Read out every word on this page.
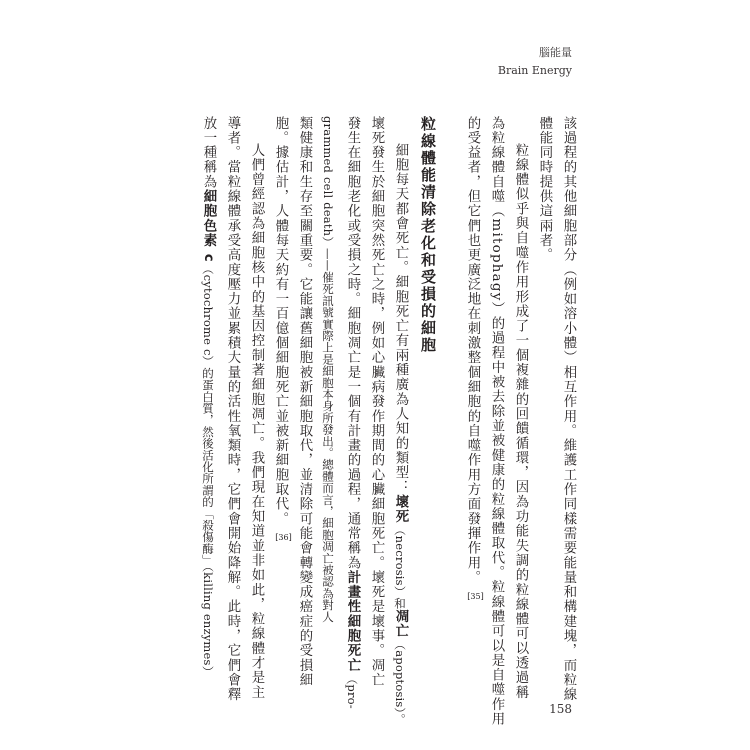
腦能量
Brain Energy
該過程的其他細胞部分（例如溶小體）相互作用。維護工作同樣需要能量和構建塊，而粒線
體能同時提供這兩者。
粒線體似乎與自噬作用形成了一個複雜的回饋循環，因為功能失調的粒線體可以透過稱
為粒線體自噬（mitophagy）的過程中被去除並被健康的粒線體取代。粒線體可以是自噬作用
的受益者，但它們也更廣泛地在刺激整個細胞的自噬作用方面發揮作用。[35]
粒線體能清除老化和受損的細胞
細胞每天都會死亡。細胞死亡有兩種廣為人知的類型：壞死（necrosis）和凋亡（apoptosis）。
壞死發生於細胞突然死亡之時，例如心臟病發作期間的心臟細胞死亡。壞死是壞事。凋亡
發生在細胞老化或受損之時。細胞凋亡是一個有計畫的過程，通常稱為計畫性細胞死亡（pro-
grammed cell death）——催死訊號實際上是細胞本身所發出。總體而言，細胞凋亡被認為對人
類健康和生存至關重要。它能讓舊細胞被新細胞取代，並清除可能會轉變成癌症的受損細
胞。據估計，人體每天約有一百億個細胞死亡並被新細胞取代。[36]
人們曾經認為細胞核中的基因控制著細胞凋亡。我們現在知道並非如此，粒線體才是主
導者。當粒線體承受高度壓力並累積大量的活性氧類時，它們會開始降解。此時，它們會釋
放一種稱為細胞色素 c（cytochrome c）的蛋白質，然後活化所謂的「殺傷酶」（killing enzymes）
158
